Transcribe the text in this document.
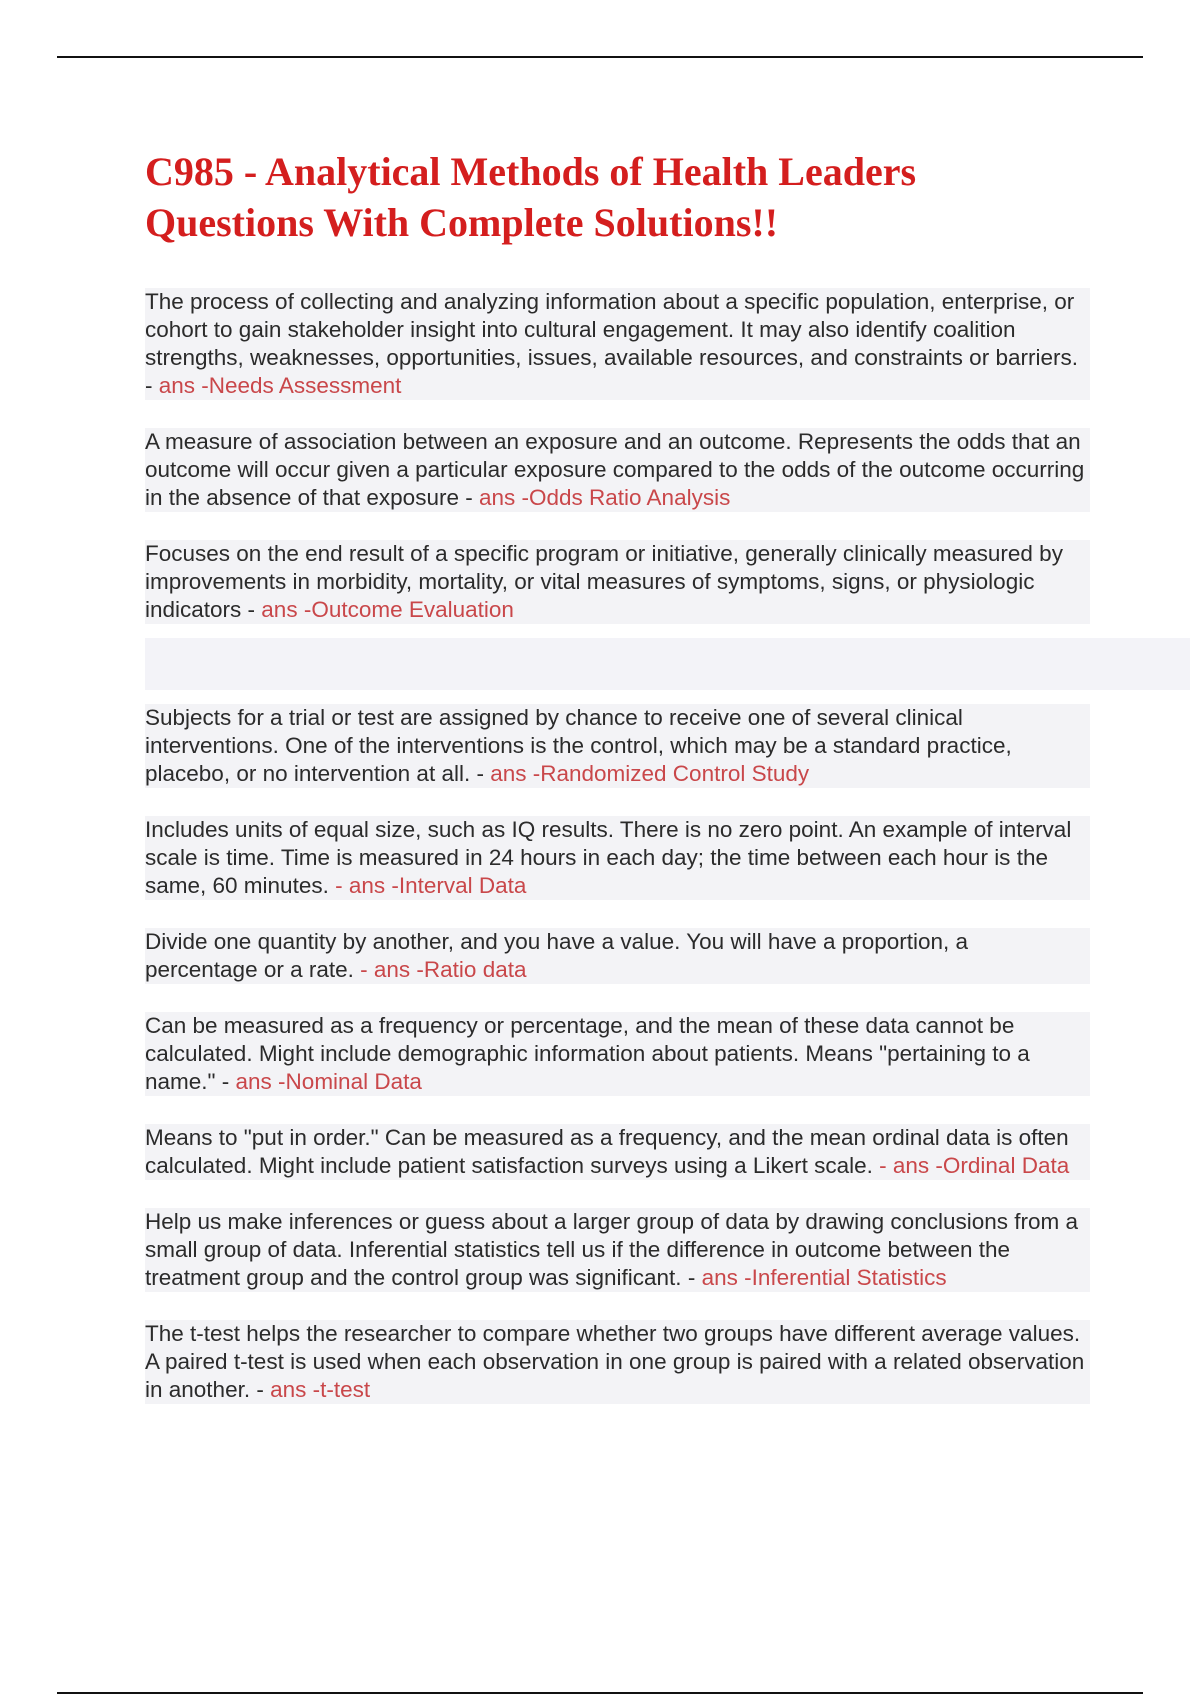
C985 - Analytical Methods of Health Leaders
Questions With Complete Solutions!!

The process of collecting and analyzing information about a specific population, enterprise, or cohort to gain stakeholder insight into cultural engagement. It may also identify coalition strengths, weaknesses, opportunities, issues, available resources, and constraints or barriers. - ans -Needs Assessment

A measure of association between an exposure and an outcome. Represents the odds that an outcome will occur given a particular exposure compared to the odds of the outcome occurring in the absence of that exposure - ans -Odds Ratio Analysis

Focuses on the end result of a specific program or initiative, generally clinically measured by improvements in morbidity, mortality, or vital measures of symptoms, signs, or physiologic indicators - ans -Outcome Evaluation

Subjects for a trial or test are assigned by chance to receive one of several clinical interventions. One of the interventions is the control, which may be a standard practice, placebo, or no intervention at all. - ans -Randomized Control Study

Includes units of equal size, such as IQ results. There is no zero point. An example of interval scale is time. Time is measured in 24 hours in each day; the time between each hour is the same, 60 minutes. - ans -Interval Data

Divide one quantity by another, and you have a value. You will have a proportion, a percentage or a rate. - ans -Ratio data

Can be measured as a frequency or percentage, and the mean of these data cannot be calculated. Might include demographic information about patients. Means "pertaining to a name." - ans -Nominal Data

Means to "put in order." Can be measured as a frequency, and the mean ordinal data is often calculated. Might include patient satisfaction surveys using a Likert scale. - ans -Ordinal Data

Help us make inferences or guess about a larger group of data by drawing conclusions from a small group of data. Inferential statistics tell us if the difference in outcome between the treatment group and the control group was significant. - ans -Inferential Statistics

The t-test helps the researcher to compare whether two groups have different average values. A paired t-test is used when each observation in one group is paired with a related observation in another. - ans -t-test
